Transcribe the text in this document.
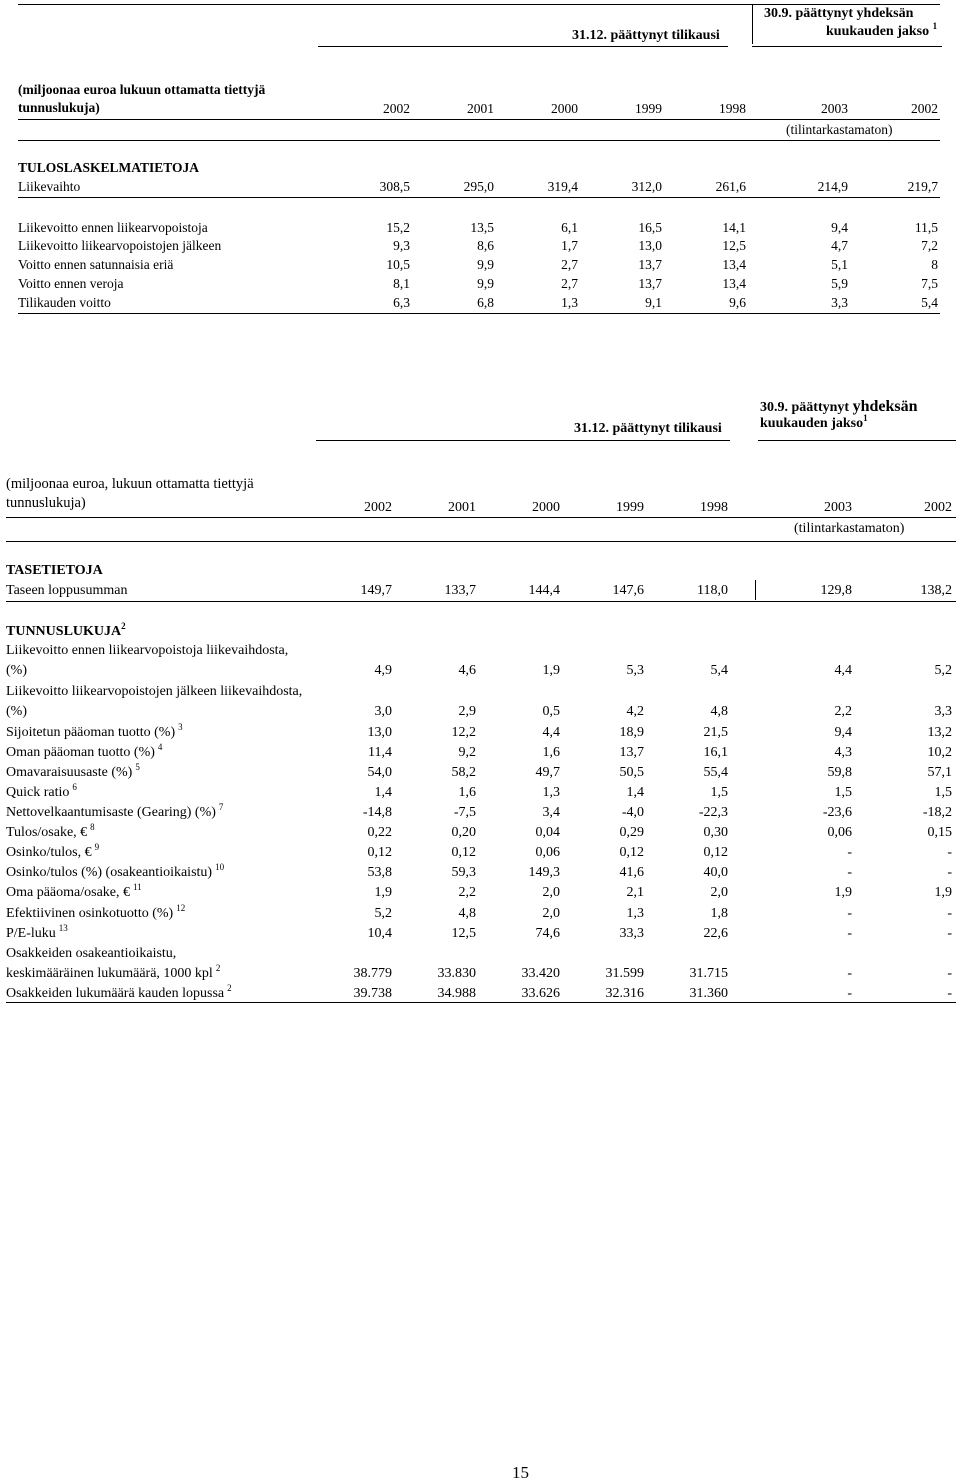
31.12. päättynyt tilikausi
30.9. päättynyt yhdeksän
kuukauden jakso $^1$
(miljoonaa euroa lukuun ottamatta tiettyjä
tunnuslukuja)	2002	2001	2000	1999	1998	2003	2002
(tilintarkastamaton)
TULOSLASKELMATIETOJA
Liikevaihto	308,5	295,0	319,4	312,0	261,6	214,9	219,7
Liikevoitto ennen liikearvopoistoja	15,2	13,5	6,1	16,5	14,1	9,4	11,5
Liikevoitto liikearvopoistojen jälkeen	9,3	8,6	1,7	13,0	12,5	4,7	7,2
Voitto ennen satunnaisia eriä	10,5	9,9	2,7	13,7	13,4	5,1	8
Voitto ennen veroja	8,1	9,9	2,7	13,7	13,4	5,9	7,5
Tilikauden voitto	6,3	6,8	1,3	9,1	9,6	3,3	5,4
31.12. päättynyt tilikausi
30.9. päättynyt yhdeksän
kuukauden jakso$^1$
(miljoonaa euroa, lukuun ottamatta tiettyjä
tunnuslukuja)	2002	2001	2000	1999	1998	2003	2002
(tilintarkastamaton)
TASETIETOJA
Taseen loppusumman	149,7	133,7	144,4	147,6	118,0	129,8	138,2
TUNNUSLUKUJA$^2$
Liikevoitto ennen liikearvopoistoja liikevaihdosta,
(%)	4,9	4,6	1,9	5,3	5,4	4,4	5,2
Liikevoitto liikearvopoistojen jälkeen liikevaihdosta,
(%)	3,0	2,9	0,5	4,2	4,8	2,2	3,3
Sijoitetun pääoman tuotto (%) $^3$	13,0	12,2	4,4	18,9	21,5	9,4	13,2
Oman pääoman tuotto (%) $^4$	11,4	9,2	1,6	13,7	16,1	4,3	10,2
Omavaraisuusaste (%) $^5$	54,0	58,2	49,7	50,5	55,4	59,8	57,1
Quick ratio $^6$	1,4	1,6	1,3	1,4	1,5	1,5	1,5
Nettovelkaantumisaste (Gearing) (%) $^7$	-14,8	-7,5	3,4	-4,0	-22,3	-23,6	-18,2
Tulos/osake, € $^8$	0,22	0,20	0,04	0,29	0,30	0,06	0,15
Osinko/tulos, € $^9$	0,12	0,12	0,06	0,12	0,12	-	-
Osinko/tulos (%) (osakeantioikaistu) $^{10}$	53,8	59,3	149,3	41,6	40,0	-	-
Oma pääoma/osake, € $^{11}$	1,9	2,2	2,0	2,1	2,0	1,9	1,9
Efektiivinen osinkotuotto (%) $^{12}$	5,2	4,8	2,0	1,3	1,8	-	-
P/E-luku $^{13}$	10,4	12,5	74,6	33,3	22,6	-	-
Osakkeiden osakeantioikaistu,
keskimääräinen lukumäärä, 1000 kpl $^2$	38.779	33.830	33.420	31.599	31.715	-	-
Osakkeiden lukumäärä kauden lopussa $^2$	39.738	34.988	33.626	32.316	31.360	-	-
15
